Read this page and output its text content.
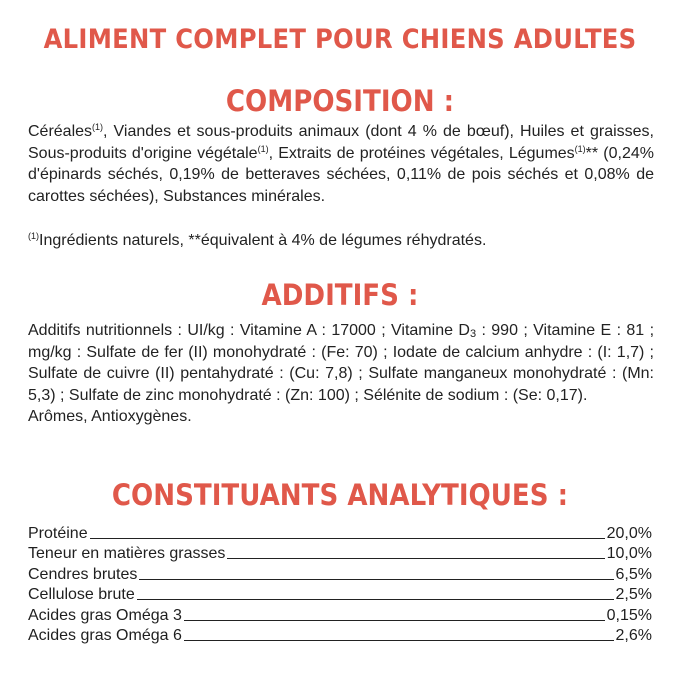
ALIMENT COMPLET POUR CHIENS ADULTES
COMPOSITION :
Céréales$^{(1)}$, Viandes et sous-produits animaux (dont 4 % de bœuf), Huiles et graisses, Sous-produits d'origine végétale$^{(1)}$, Extraits de protéines végétales, Légumes$^{(1)}$** (0,24% d'épinards séchés, 0,19% de betteraves séchées, 0,11% de pois séchés et 0,08% de carottes séchées), Substances minérales.
$^{(1)}$Ingrédients naturels, **équivalent à 4% de légumes réhydratés.
ADDITIFS :
Additifs nutritionnels : UI/kg : Vitamine A : 17000 ; Vitamine $D_3$ : 990 ; Vitamine E : 81 ; mg/kg : Sulfate de fer (II) monohydraté : (Fe: 70) ; Iodate de calcium anhydre : (I: 1,7) ; Sulfate de cuivre (II) pentahydraté : (Cu: 7,8) ; Sulfate manganeux monohydraté : (Mn: 5,3) ; Sulfate de zinc monohydraté : (Zn: 100) ; Sélénite de sodium : (Se: 0,17).
Arômes, Antioxygènes.
CONSTITUANTS ANALYTIQUES :
Protéine	20,0%
Teneur en matières grasses	10,0%
Cendres brutes	6,5%
Cellulose brute	2,5%
Acides gras Oméga 3	0,15%
Acides gras Oméga 6	2,6%
